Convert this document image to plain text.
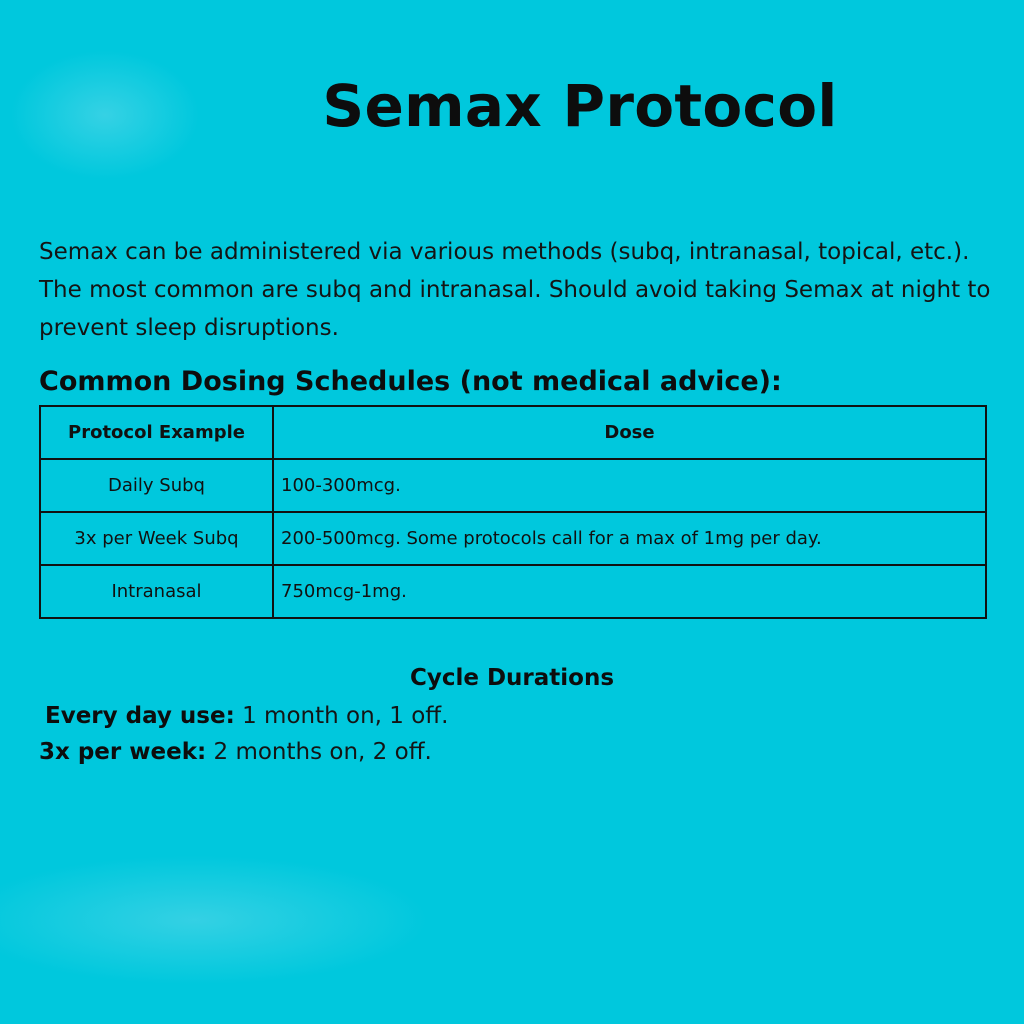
Semax Protocol

Semax can be administered via various methods (subq, intranasal, topical, etc.). The most common are subq and intranasal. Should avoid taking Semax at night to prevent sleep disruptions.

Common Dosing Schedules (not medical advice):
Protocol Example	Dose
Daily Subq	100-300mcg.
3x per Week Subq	200-500mcg. Some protocols call for a max of 1mg per day.
Intranasal	750mcg-1mg.
Cycle Durations

Every day use: 1 month on, 1 off.

3x per week: 2 months on, 2 off.
